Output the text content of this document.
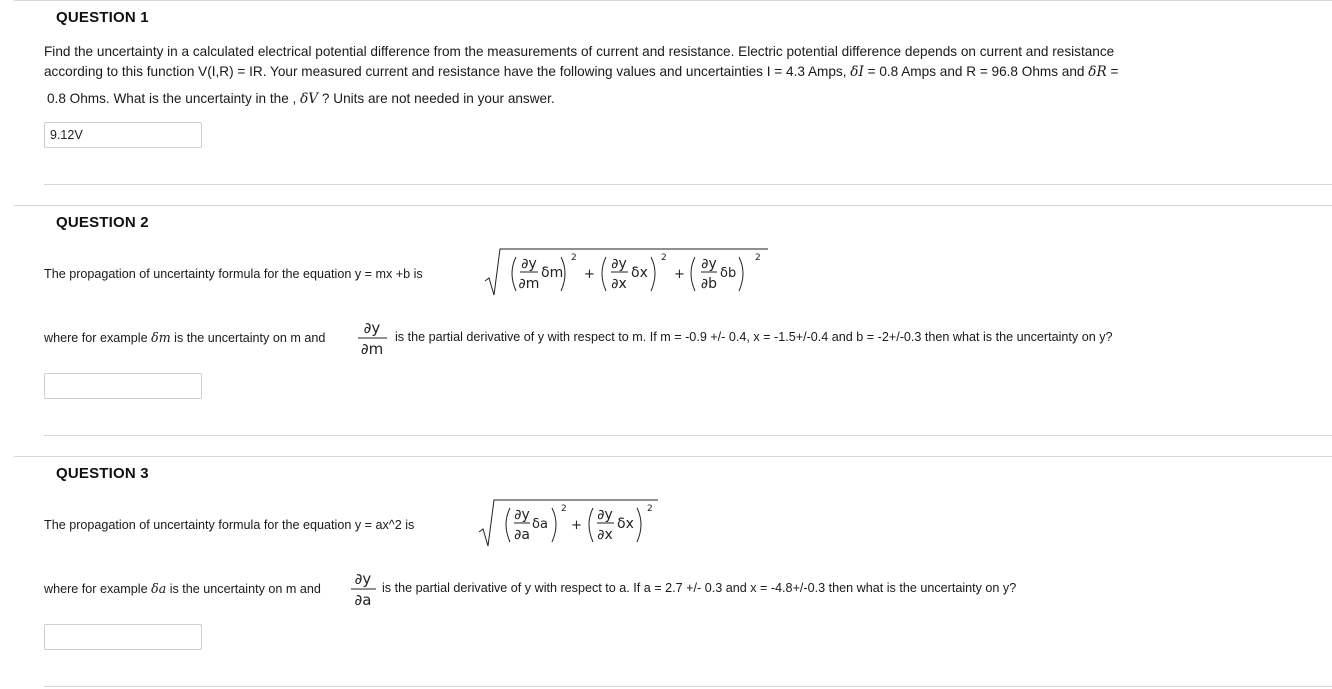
QUESTION 1
Find the uncertainty in a calculated electrical potential difference from the measurements of current and resistance. Electric potential difference depends on current and resistance
according to this function V(I,R) = IR. Your measured current and resistance have the following values and uncertainties I = 4.3 Amps, δI = 0.8 Amps and R = 96.8 Ohms and δR =
0.8 Ohms. What is the uncertainty in the , δV ? Units are not needed in your answer.
9.12V
QUESTION 2
The propagation of uncertainty formula for the equation y = mx +b is
∂y
∂m
δm
2
+
∂y
∂x
δx
2
+
∂y
∂b
δb
2
where for example δm is the uncertainty on m and
∂y
∂m
is the partial derivative of y with respect to m. If m = -0.9 +/- 0.4, x = -1.5+/-0.4 and b = -2+/-0.3 then what is the uncertainty on y?
QUESTION 3
The propagation of uncertainty formula for the equation y = ax^2 is
∂y
∂a
δa
2
+
∂y
∂x
δx
2
where for example δa is the uncertainty on m and
∂y
∂a
is the partial derivative of y with respect to a. If a = 2.7 +/- 0.3 and x = -4.8+/-0.3 then what is the uncertainty on y?
